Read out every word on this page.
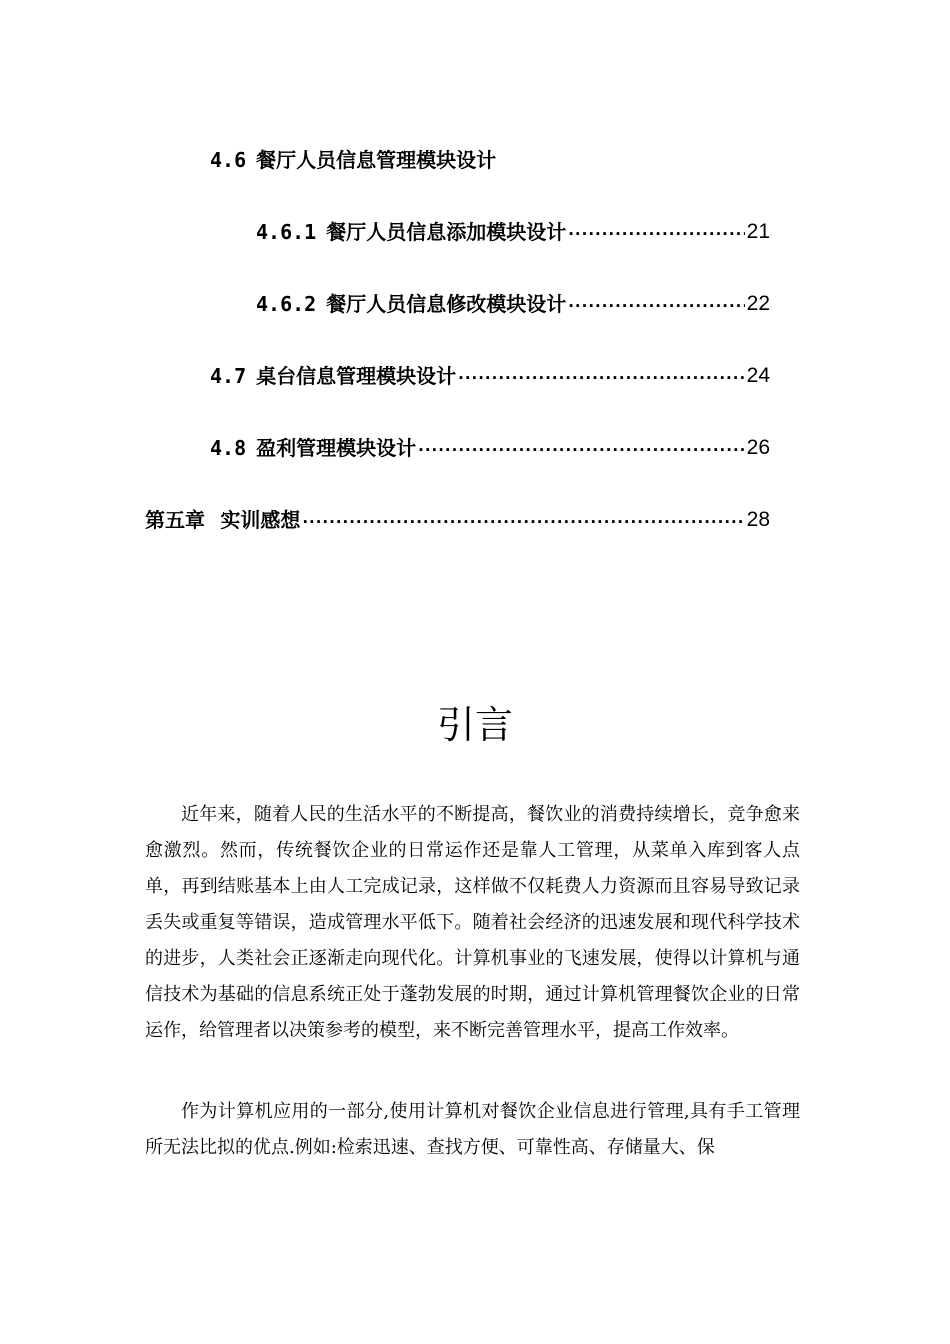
4.6 餐厅人员信息管理模块设计
4.6.1 餐厅人员信息添加模块设计 ·····	21
4.6.2 餐厅人员信息修改模块设计 ·····	22
4.7 桌台信息管理模块设计 ·····	24
4.8 盈利管理模块设计 ·····	26
第五章 实训感想 ·····	28
引言

近年来，随着人民的生活水平的不断提高，餐饮业的消费持续增长，竞争愈来愈激烈。然而，传统餐饮企业的日常运作还是靠人工管理，从菜单入库到客人点单，再到结账基本上由人工完成记录，这样做不仅耗费人力资源而且容易导致记录丢失或重复等错误，造成管理水平低下。随着社会经济的迅速发展和现代科学技术的进步，人类社会正逐渐走向现代化。计算机事业的飞速发展，使得以计算机与通信技术为基础的信息系统正处于蓬勃发展的时期，通过计算机管理餐饮企业的日常运作，给管理者以决策参考的模型，来不断完善管理水平，提高工作效率。

作为计算机应用的一部分,使用计算机对餐饮企业信息进行管理,具有手工管理所无法比拟的优点.例如:检索迅速、查找方便、可靠性高、存储量大、保
